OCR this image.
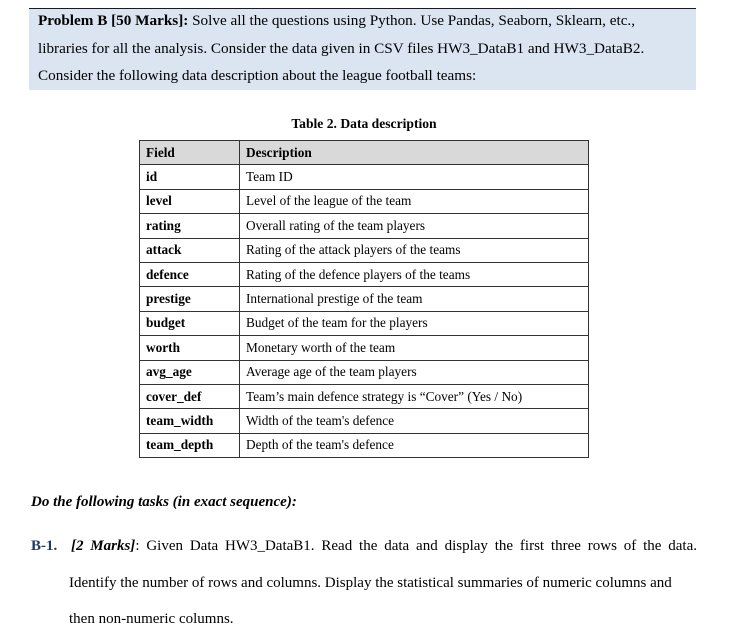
Problem B [50 Marks]: Solve all the questions using Python. Use Pandas, Seaborn, Sklearn, etc.,
libraries for all the analysis. Consider the data given in CSV files HW3_DataB1 and HW3_DataB2.
Consider the following data description about the league football teams:
Table 2. Data description
Field	Description
id	Team ID
level	Level of the league of the team
rating	Overall rating of the team players
attack	Rating of the attack players of the teams
defence	Rating of the defence players of the teams
prestige	International prestige of the team
budget	Budget of the team for the players
worth	Monetary worth of the team
avg_age	Average age of the team players
cover_def	Team’s main defence strategy is “Cover” (Yes / No)
team_width	Width of the team's defence
team_depth	Depth of the team's defence
Do the following tasks (in exact sequence):
B-1. [2 Marks]: Given Data HW3_DataB1. Read the data and display the first three rows of the data.
Identify the number of rows and columns. Display the statistical summaries of numeric columns and
then non-numeric columns.
